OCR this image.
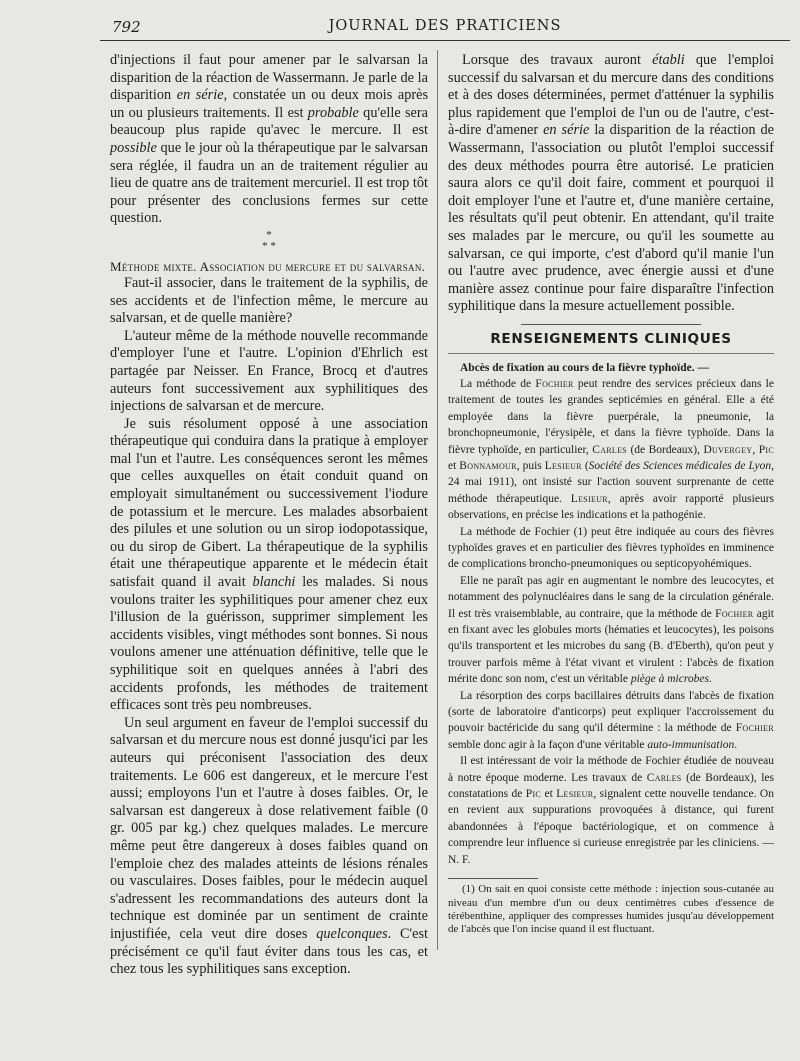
792	JOURNAL DES PRATICIENS

d'injections il faut pour amener par le salvarsan la disparition de la réaction de Wassermann. Je parle de la disparition en série, constatée un ou deux mois après un ou plusieurs traitements. Il est probable qu'elle sera beaucoup plus rapide qu'avec le mercure. Il est possible que le jour où la thérapeutique par le salvarsan sera réglée, il faudra un an de traitement régulier au lieu de quatre ans de traitement mercuriel. Il est trop tôt pour présenter des conclusions fermes sur cette question.

*
* *

Méthode mixte. Association du mercure et du salvarsan.

Faut-il associer, dans le traitement de la syphilis, de ses accidents et de l'infection même, le mercure au salvarsan, et de quelle manière?

L'auteur même de la méthode nouvelle recommande d'employer l'une et l'autre. L'opinion d'Ehrlich est partagée par Neisser. En France, Brocq et d'autres auteurs font successivement aux syphilitiques des injections de salvarsan et de mercure.

Je suis résolument opposé à une association thérapeutique qui conduira dans la pratique à employer mal l'un et l'autre. Les conséquences seront les mêmes que celles auxquelles on était conduit quand on employait simultanément ou successivement l'iodure de potassium et le mercure. Les malades absorbaient des pilules et une solution ou un sirop iodopotassique, ou du sirop de Gibert. La thérapeutique de la syphilis était une thérapeutique apparente et le médecin était satisfait quand il avait blanchi les malades. Si nous voulons traiter les syphilitiques pour amener chez eux l'illusion de la guérisson, supprimer simplement les accidents visibles, vingt méthodes sont bonnes. Si nous voulons amener une atténuation définitive, telle que le syphilitique soit en quelques années à l'abri des accidents profonds, les méthodes de traitement efficaces sont très peu nombreuses.

Un seul argument en faveur de l'emploi successif du salvarsan et du mercure nous est donné jusqu'ici par les auteurs qui préconisent l'association des deux traitements. Le 606 est dangereux, et le mercure l'est aussi; employons l'un et l'autre à doses faibles. Or, le salvarsan est dangereux à dose relativement faible (0 gr. 005 par kg.) chez quelques malades. Le mercure même peut être dangereux à doses faibles quand on l'emploie chez des malades atteints de lésions rénales ou vasculaires. Doses faibles, pour le médecin auquel s'adressent les recommandations des auteurs dont la technique est dominée par un sentiment de crainte injustifiée, cela veut dire doses quelconques. C'est précisément ce qu'il faut éviter dans tous les cas, et chez tous les syphilitiques sans exception.

Lorsque des travaux auront établi que l'emploi successif du salvarsan et du mercure dans des conditions et à des doses déterminées, permet d'atténuer la syphilis plus rapidement que l'emploi de l'un ou de l'autre, c'est-à-dire d'amener en série la disparition de la réaction de Wassermann, l'association ou plutôt l'emploi successif des deux méthodes pourra être autorisé. Le praticien saura alors ce qu'il doit faire, comment et pourquoi il doit employer l'une et l'autre et, d'une manière certaine, les résultats qu'il peut obtenir. En attendant, qu'il traite ses malades par le mercure, ou qu'il les soumette au salvarsan, ce qui importe, c'est d'abord qu'il manie l'un ou l'autre avec prudence, avec énergie aussi et d'une manière assez continue pour faire disparaître l'infection syphilitique dans la mesure actuellement possible.

RENSEIGNEMENTS CLINIQUES

Abcès de fixation au cours de la fièvre typhoïde. —

La méthode de Fochier peut rendre des services précieux dans le traitement de toutes les grandes septicémies en général. Elle a été employée dans la fièvre puerpérale, la pneumonie, la bronchopneumonie, l'érysipèle, et dans la fièvre typhoïde. Dans la fièvre typhoïde, en particulier, Carles (de Bordeaux), Duvergey, Pic et Bonnamour, puis Lesieur (Société des Sciences médicales de Lyon, 24 mai 1911), ont insisté sur l'action souvent surprenante de cette méthode thérapeutique. Lesieur, après avoir rapporté plusieurs observations, en précise les indications et la pathogénie.

La méthode de Fochier (1) peut être indiquée au cours des fièvres typhoïdes graves et en particulier des fièvres typhoïdes en imminence de complications broncho-pneumoniques ou septicopyohémiques.

Elle ne paraît pas agir en augmentant le nombre des leucocytes, et notamment des polynucléaires dans le sang de la circulation générale. Il est très vraisemblable, au contraire, que la méthode de Fochier agit en fixant avec les globules morts (hématies et leucocytes), les poisons qu'ils transportent et les microbes du sang (B. d'Eberth), qu'on peut y trouver parfois même à l'état vivant et virulent : l'abcès de fixation mérite donc son nom, c'est un véritable piège à microbes.

La résorption des corps bacillaires détruits dans l'abcès de fixation (sorte de laboratoire d'anticorps) peut expliquer l'accroissement du pouvoir bactéricide du sang qu'il détermine : la méthode de Fochier semble donc agir à la façon d'une véritable auto-immunisation.

Il est intéressant de voir la méthode de Fochier étudiée de nouveau à notre époque moderne. Les travaux de Carles (de Bordeaux), les constatations de Pic et Lesieur, signalent cette nouvelle tendance. On en revient aux suppurations provoquées à distance, qui furent abandonnées à l'époque bactériologique, et on commence à comprendre leur influence si curieuse enregistrée par les cliniciens. — N. F.

(1) On sait en quoi consiste cette méthode : injection sous-cutanée au niveau d'un membre d'un ou deux centimètres cubes d'essence de térébenthine, appliquer des compresses humides jusqu'au développement de l'abcès que l'on incise quand il est fluctuant.
